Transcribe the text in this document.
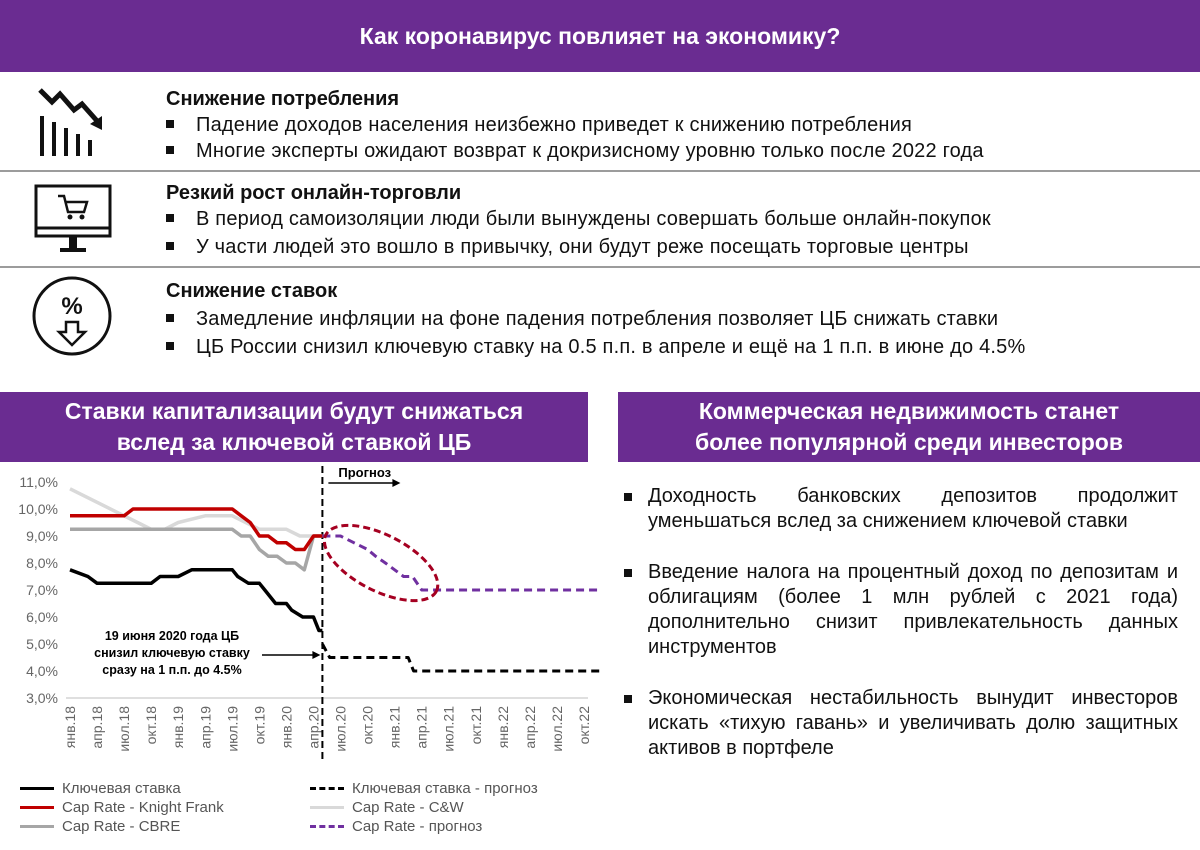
Как коронавирус повлияет на экономику?
Снижение потребления
Падение доходов населения неизбежно приведет к снижению потребления
Многие эксперты ожидают возврат к докризисному уровню только после 2022 года
Резкий рост онлайн-торговли
В период самоизоляции люди были вынуждены совершать больше онлайн-покупок
У части людей это вошло в привычку, они будут реже посещать торговые центры
%
Снижение ставок
Замедление инфляции на фоне падения потребления позволяет ЦБ снижать ставки
ЦБ России снизил ключевую ставку на 0.5 п.п. в апреле и ещё на 1 п.п. в июне до 4.5%
Ставки капитализации будут снижаться
вслед за ключевой ставкой ЦБ
Коммерческая недвижимость станет
более популярной среди инвесторов
3,0%
4,0%
5,0%
6,0%
7,0%
8,0%
9,0%
10,0%
11,0%
янв.18 апр.18 июл.18 окт.18 янв.19 апр.19 июл.19 окт.19 янв.20 апр.20 июл.20 окт.20 янв.21 апр.21 июл.21 окт.21 янв.22 апр.22 июл.22 окт.22
Прогноз
19 июня 2020 года ЦБ
снизил ключевую ставку
сразу на 1 п.п. до 4.5%
Ключевая ставка	Ключевая ставка - прогноз
Cap Rate - Knight Frank	Cap Rate - C&W
Cap Rate - CBRE	Cap Rate - прогноз
Доходность банковских депозитов продолжит уменьшаться вслед за снижением ключевой ставки
Введение налога на процентный доход по депозитам и облигациям (более 1 млн рублей с 2021 года) дополнительно снизит привлекательность данных инструментов
Экономическая нестабильность вынудит инвесторов искать «тихую гавань» и увеличивать долю защитных активов в портфеле
